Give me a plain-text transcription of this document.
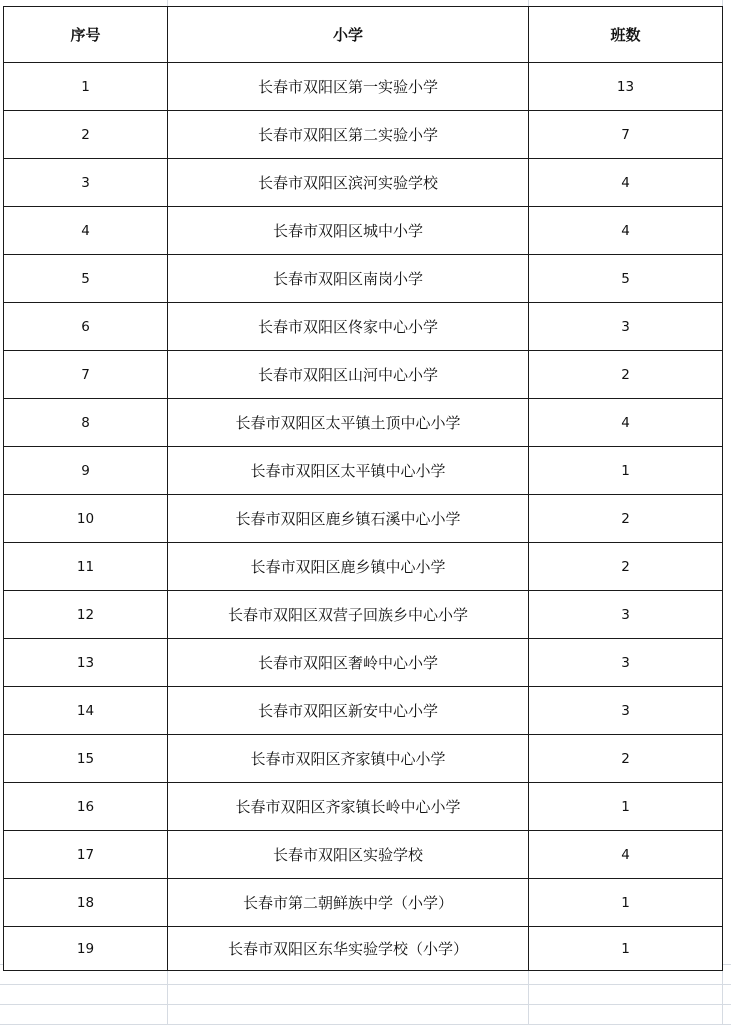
序号	小学	班数
1	长春市双阳区第一实验小学	13
2	长春市双阳区第二实验小学	7
3	长春市双阳区滨河实验学校	4
4	长春市双阳区城中小学	4
5	长春市双阳区南岗小学	5
6	长春市双阳区佟家中心小学	3
7	长春市双阳区山河中心小学	2
8	长春市双阳区太平镇土顶中心小学	4
9	长春市双阳区太平镇中心小学	1
10	长春市双阳区鹿乡镇石溪中心小学	2
11	长春市双阳区鹿乡镇中心小学	2
12	长春市双阳区双营子回族乡中心小学	3
13	长春市双阳区奢岭中心小学	3
14	长春市双阳区新安中心小学	3
15	长春市双阳区齐家镇中心小学	2
16	长春市双阳区齐家镇长岭中心小学	1
17	长春市双阳区实验学校	4
18	长春市第二朝鲜族中学（小学）	1
19	长春市双阳区东华实验学校（小学）	1
